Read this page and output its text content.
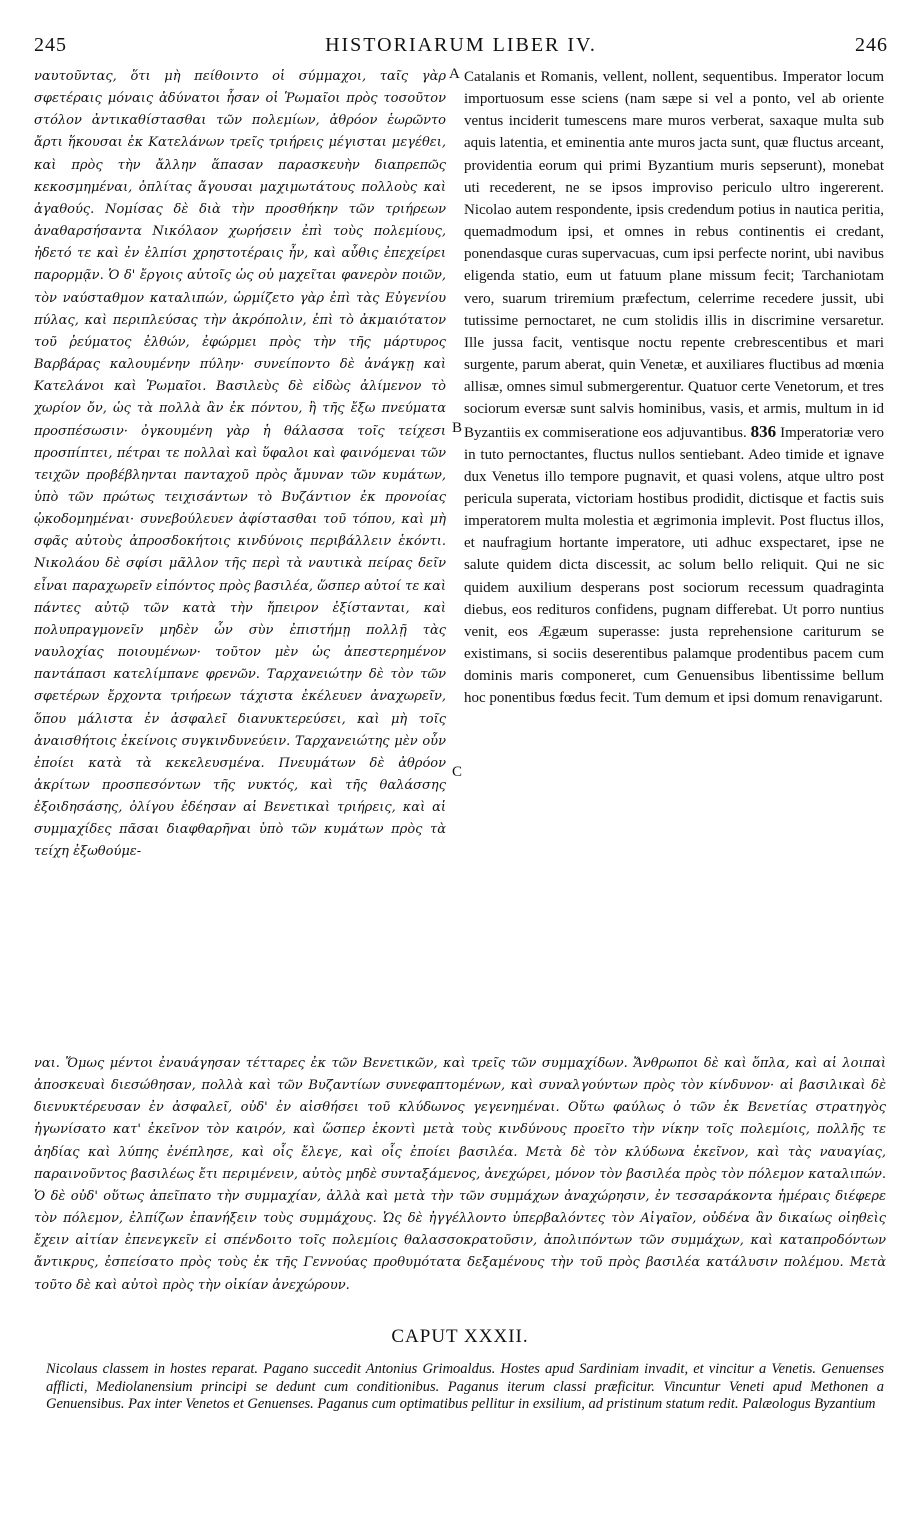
245	HISTORIARUM LIBER IV.	246

ναυτοῦντας, ὅτι μὴ πείθοιντο οἱ σύμμαχοι, ταῖς γὰρ σφετέραις μόναις ἀδύνατοι ἦσαν οἱ Ῥωμαῖοι πρὸς τοσοῦτον στόλον ἀντικαθίστασθαι τῶν πολεμίων, ἀθρόον ἑωρῶντο ἄρτι ἥκουσαι ἐκ Κατελάνων τρεῖς τριήρεις μέγισται μεγέθει, καὶ πρὸς τὴν ἄλλην ἅπασαν παρασκευὴν διαπρεπῶς κεκοσμημέναι, ὁπλίτας ἄγουσαι μαχιμωτάτους πολλοὺς καὶ ἀγαθούς. Νομίσας δὲ διὰ τὴν προσθήκην τῶν τριήρεων ἀναθαρσήσαντα Νικόλαον χωρήσειν ἐπὶ τοὺς πολεμίους, ἠδετό τε καὶ ἐν ἐλπίσι χρηστοτέραις ἦν, καὶ αὖθις ἐπεχείρει παρορμᾷν. Ὁ δ' ἔργοις αὐτοῖς ὡς οὐ μαχεῖται φανερὸν ποιῶν, τὸν ναύσταθμον καταλιπών, ὡρμίζετο γὰρ ἐπὶ τὰς Εὐγενίου πύλας, καὶ περιπλεύσας τὴν ἀκρόπολιν, ἐπὶ τὸ ἀκμαιότατον τοῦ ῥεύματος ἐλθών, ἐφώρμει πρὸς τὴν τῆς μάρτυρος Βαρβάρας καλουμένην πύλην· συνείποντο δὲ ἀνάγκῃ καὶ Κατελάνοι καὶ Ῥωμαῖοι. Βασιλεὺς δὲ εἰδὼς ἀλίμενον τὸ χωρίον ὄν, ὡς τὰ πολλὰ ἂν ἐκ πόντου, ἢ τῆς ἔξω πνεύματα προσπέσωσιν· ὀγκουμένη γὰρ ἡ θάλασσα τοῖς τείχεσι προσπίπτει, πέτραι τε πολλαὶ καὶ ὕφαλοι καὶ φαινόμεναι τῶν τειχῶν προβέβληνται πανταχοῦ πρὸς ἄμυναν τῶν κυμάτων, ὑπὸ τῶν πρώτως τειχισάντων τὸ Βυζάντιον ἐκ προνοίας ᾠκοδομημέναι· συνεβούλευεν ἀφίστασθαι τοῦ τόπου, καὶ μὴ σφᾶς αὐτοὺς ἀπροσδοκήτοις κινδύνοις περιβάλλειν ἑκόντι. Νικολάου δὲ σφίσι μᾶλλον τῆς περὶ τὰ ναυτικὰ πείρας δεῖν εἶναι παραχωρεῖν εἰπόντος πρὸς βασιλέα, ὥσπερ αὐτοί τε καὶ πάντες αὐτῷ τῶν κατὰ τὴν ἤπειρον ἐξίστανται, καὶ πολυπραγμονεῖν μηδὲν ὧν σὺν ἐπιστήμῃ πολλῇ τὰς ναυλοχίας ποιουμένων· τοῦτον μὲν ὡς ἀπεστερημένον παντάπασι κατελίμπανε φρενῶν. Ταρχανειώτην δὲ τὸν τῶν σφετέρων ἔρχοντα τριήρεων τάχιστα ἐκέλευεν ἀναχωρεῖν, ὅπου μάλιστα ἐν ἀσφαλεῖ διανυκτερεύσει, καὶ μὴ τοῖς ἀναισθήτοις ἐκείνοις συγκινδυνεύειν. Ταρχανειώτης μὲν οὖν ἐποίει κατὰ τὰ κεκελευσμένα. Πνευμάτων δὲ ἀθρόον ἀκρίτων προσπεσόντων τῆς νυκτός, καὶ τῆς θαλάσσης ἐξοιδησάσης, ὀλίγου ἐδέησαν αἱ Βενετικαὶ τριήρεις, καὶ αἱ συμμαχίδες πᾶσαι διαφθαρῆναι ὑπὸ τῶν κυμάτων πρὸς τὰ τείχη ἐξωθούμε-

A
B
C

Catalanis et Romanis, vellent, nollent, sequentibus. Imperator locum importuosum esse sciens (nam sæpe si vel a ponto, vel ab oriente ventus inciderit tumescens mare muros verberat, saxaque multa sub aquis latentia, et eminentia ante muros jacta sunt, quæ fluctus arceant, providentia eorum qui primi Byzantium muris sepserunt), monebat uti recederent, ne se ipsos improviso periculo ultro ingererent. Nicolao autem respondente, ipsis credendum potius in nautica peritia, quemadmodum ipsi, et omnes in rebus continentis ei credant, ponendasque curas supervacuas, cum ipsi perfecte norint, ubi navibus eligenda statio, eum ut fatuum plane missum fecit; Tarchaniotam vero, suarum triremium præfectum, celerrime recedere jussit, ubi tutissime pernoctaret, ne cum stolidis illis in discrimine versaretur. Ille jussa facit, ventisque noctu repente crebrescentibus et mari surgente, parum aberat, quin Venetæ, et auxiliares fluctibus ad mœnia allisæ, omnes simul submergerentur. Quatuor certe Venetorum, et tres sociorum eversæ sunt salvis hominibus, vasis, et armis, multum in id Byzantiis ex commiseratione eos adjuvantibus. 836 Imperatoriæ vero in tuto pernoctantes, fluctus nullos sentiebant. Adeo timide et ignave dux Venetus illo tempore pugnavit, et quasi volens, atque ultro post pericula superata, victoriam hostibus prodidit, dictisque et factis suis imperatorem multa molestia et ægrimonia implevit. Post fluctus illos, et naufragium hortante imperatore, uti adhuc exspectaret, ipse ne salute quidem dicta discessit, ac solum bello reliquit. Qui ne sic quidem auxilium desperans post sociorum recessum quadraginta diebus, eos redituros confidens, pugnam differebat. Ut porro nuntius venit, eos Ægæum superasse: justa reprehensione cariturum se existimans, si sociis deserentibus palamque prodentibus pacem cum dominis maris componeret, cum Genuensibus libentissime bellum hoc ponentibus fœdus fecit. Tum demum et ipsi domum renavigarunt.

ναι. Ὅμως μέντοι ἐναυάγησαν τέτταρες ἐκ τῶν Βενετικῶν, καὶ τρεῖς τῶν συμμαχίδων. Ἄνθρωποι δὲ καὶ ὅπλα, καὶ αἱ λοιπαὶ ἀποσκευαὶ διεσώθησαν, πολλὰ καὶ τῶν Βυζαντίων συνεφαπτομένων, καὶ συναλγούντων πρὸς τὸν κίνδυνον· αἱ βασιλικαὶ δὲ διενυκτέρευσαν ἐν ἀσφαλεῖ, οὐδ' ἐν αἰσθήσει τοῦ κλύδωνος γεγενημέναι. Οὕτω φαύλως ὁ τῶν ἐκ Βενετίας στρατηγὸς ἠγωνίσατο κατ' ἐκεῖνον τὸν καιρόν, καὶ ὥσπερ ἑκοντὶ μετὰ τοὺς κινδύνους προεῖτο τὴν νίκην τοῖς πολεμίοις, πολλῆς τε ἀηδίας καὶ λύπης ἐνέπλησε, καὶ οἷς ἔλεγε, καὶ οἷς ἐποίει βασιλέα. Μετὰ δὲ τὸν κλύδωνα ἐκεῖνον, καὶ τὰς ναυαγίας, παραινοῦντος βασιλέως ἔτι περιμένειν, αὐτὸς μηδὲ συνταξάμενος, ἀνεχώρει, μόνον τὸν βασιλέα πρὸς τὸν πόλεμον καταλιπών. Ὁ δὲ οὐδ' οὕτως ἀπεῖπατο τὴν συμμαχίαν, ἀλλὰ καὶ μετὰ τὴν τῶν συμμάχων ἀναχώρησιν, ἐν τεσσαράκοντα ἡμέραις διέφερε τὸν πόλεμον, ἐλπίζων ἐπανήξειν τοὺς συμμάχους. Ὡς δὲ ἠγγέλλοντο ὑπερβαλόντες τὸν Αἰγαῖον, οὐδένα ἂν δικαίως οἰηθεὶς ἔχειν αἰτίαν ἐπενεγκεῖν εἰ σπένδοιτο τοῖς πολεμίοις θαλασσοκρατοῦσιν, ἀπολιπόντων τῶν συμμάχων, καὶ καταπροδόντων ἄντικρυς, ἐσπείσατο πρὸς τοὺς ἐκ τῆς Γεννούας προθυμότατα δεξαμένους τὴν τοῦ πρὸς βασιλέα κατάλυσιν πολέμου. Μετὰ τοῦτο δὲ καὶ αὐτοὶ πρὸς τὴν οἰκίαν ἀνεχώρουν.

CAPUT XXXII.

Nicolaus classem in hostes reparat. Pagano succedit Antonius Grimoaldus. Hostes apud Sardiniam invadit, et vincitur a Venetis. Genuenses afflicti, Mediolanensium principi se dedunt cum conditionibus. Paganus iterum classi præficitur. Vincuntur Veneti apud Methonen a Genuensibus. Pax inter Venetos et Genuenses. Paganus cum optimatibus pellitur in exsilium, ad pristinum statum redit. Palæologus Byzantium
